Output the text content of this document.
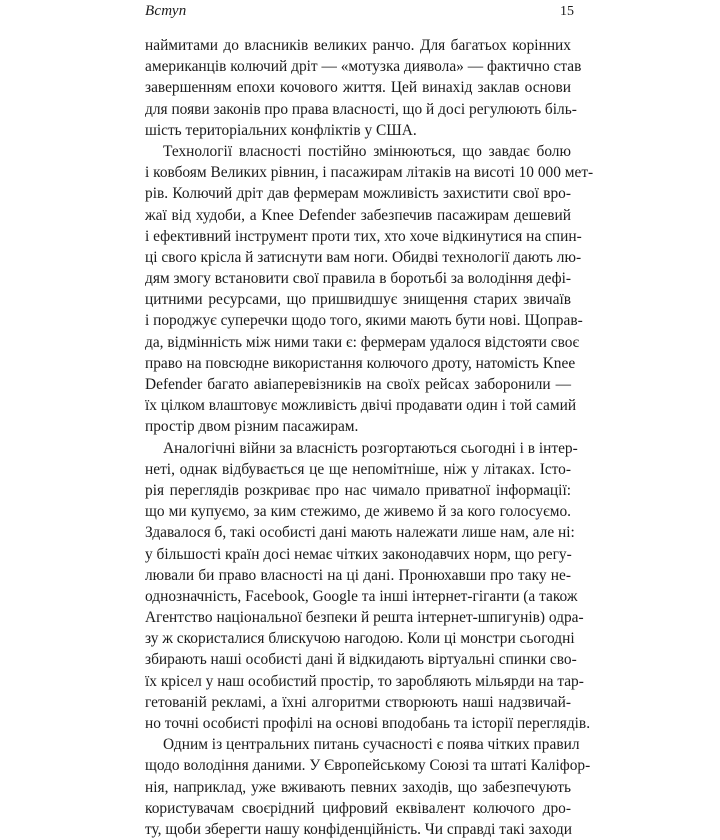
Вступ	15
наймитами до власників великих ранчо. Для багатьох корінних
американців колючий дріт — «мотузка диявола» — фактично став
завершенням епохи кочового життя. Цей винахід заклав основи
для появи законів про права власності, що й досі регулюють біль-
шість територіальних конфліктів у США.
Технології власності постійно змінюються, що завдає болю
і ковбоям Великих рівнин, і пасажирам літаків на висоті 10 000 мет-
рів. Колючий дріт дав фермерам можливість захистити свої вро-
жаї від худоби, а Knee Defender забезпечив пасажирам дешевий
і ефективний інструмент проти тих, хто хоче відкинутися на спин-
ці свого крісла й затиснути вам ноги. Обидві технології дають лю-
дям змогу встановити свої правила в боротьбі за володіння дефі-
цитними ресурсами, що пришвидшує знищення старих звичаїв
і породжує суперечки щодо того, якими мають бути нові. Щоправ-
да, відмінність між ними таки є: фермерам удалося відстояти своє
право на повсюдне використання колючого дроту, натомість Knee
Defender багато авіаперевізників на своїх рейсах заборонили —
їх цілком влаштовує можливість двічі продавати один і той самий
простір двом різним пасажирам.
Аналогічні війни за власність розгортаються сьогодні і в інтер-
неті, однак відбувається це ще непомітніше, ніж у літаках. Істо-
рія переглядів розкриває про нас чимало приватної інформації:
що ми купуємо, за ким стежимо, де живемо й за кого голосуємо.
Здавалося б, такі особисті дані мають належати лише нам, але ні:
у більшості країн досі немає чітких законодавчих норм, що регу-
лювали би право власності на ці дані. Пронюхавши про таку не-
однозначність, Facebook, Google та інші інтернет-гіганти (а також
Агентство національної безпеки й решта інтернет-шпигунів) одра-
зу ж скористалися блискучою нагодою. Коли ці монстри сьогодні
збирають наші особисті дані й відкидають віртуальні спинки сво-
їх крісел у наш особистий простір, то заробляють мільярди на тар-
гетованій рекламі, а їхні алгоритми створюють наші надзвичай-
но точні особисті профілі на основі вподобань та історії переглядів.
Одним із центральних питань сучасності є поява чітких правил
щодо володіння даними. У Європейському Союзі та штаті Каліфор-
нія, наприклад, уже вживають певних заходів, що забезпечують
користувачам своєрідний цифровий еквівалент колючого дро-
ту, щоби зберегти нашу конфіденційність. Чи справді такі заходи
